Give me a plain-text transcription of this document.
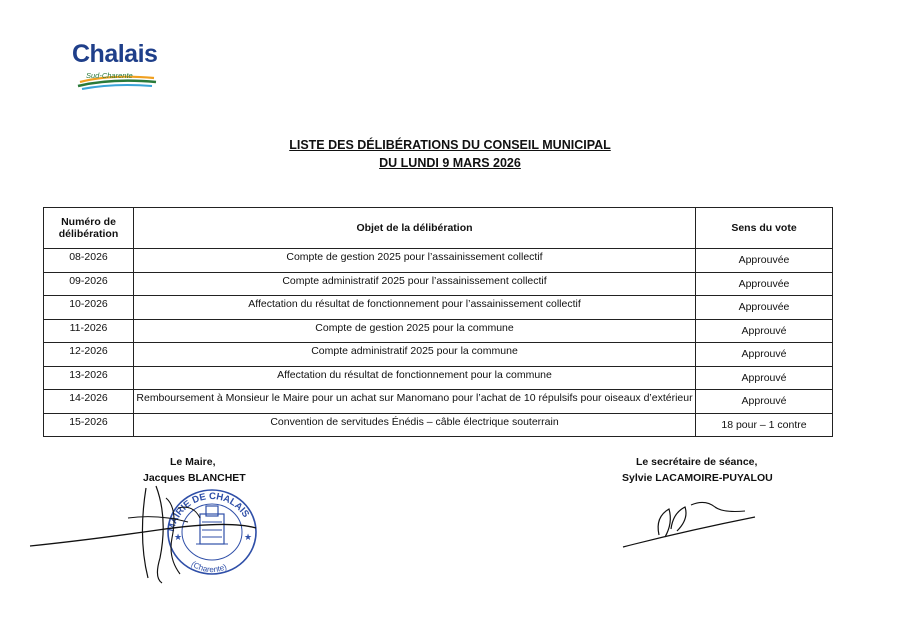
Chalais
Sud-Charente
LISTE DES DÉLIBÉRATIONS DU CONSEIL MUNICIPAL
DU LUNDI 9 MARS 2026
Numéro de délibération	Objet de la délibération	Sens du vote
08-2026	Compte de gestion 2025 pour l’assainissement collectif	Approuvée
09-2026	Compte administratif 2025 pour l’assainissement collectif	Approuvée
10-2026	Affectation du résultat de fonctionnement pour l’assainissement collectif	Approuvée
11-2026	Compte de gestion 2025 pour la commune	Approuvé
12-2026	Compte administratif 2025 pour la commune	Approuvé
13-2026	Affectation du résultat de fonctionnement pour la commune	Approuvé
14-2026	Remboursement à Monsieur le Maire pour un achat sur Manomano pour l’achat de 10 répulsifs pour oiseaux d’extérieur	Approuvé
15-2026	Convention de servitudes Énédis – câble électrique souterrain	18 pour – 1 contre
MAIRIE DE CHALAIS
(Charente)
★	★
Le Maire,
Jacques BLANCHET
Le secrétaire de séance,
Sylvie LACAMOIRE-PUYALOU
